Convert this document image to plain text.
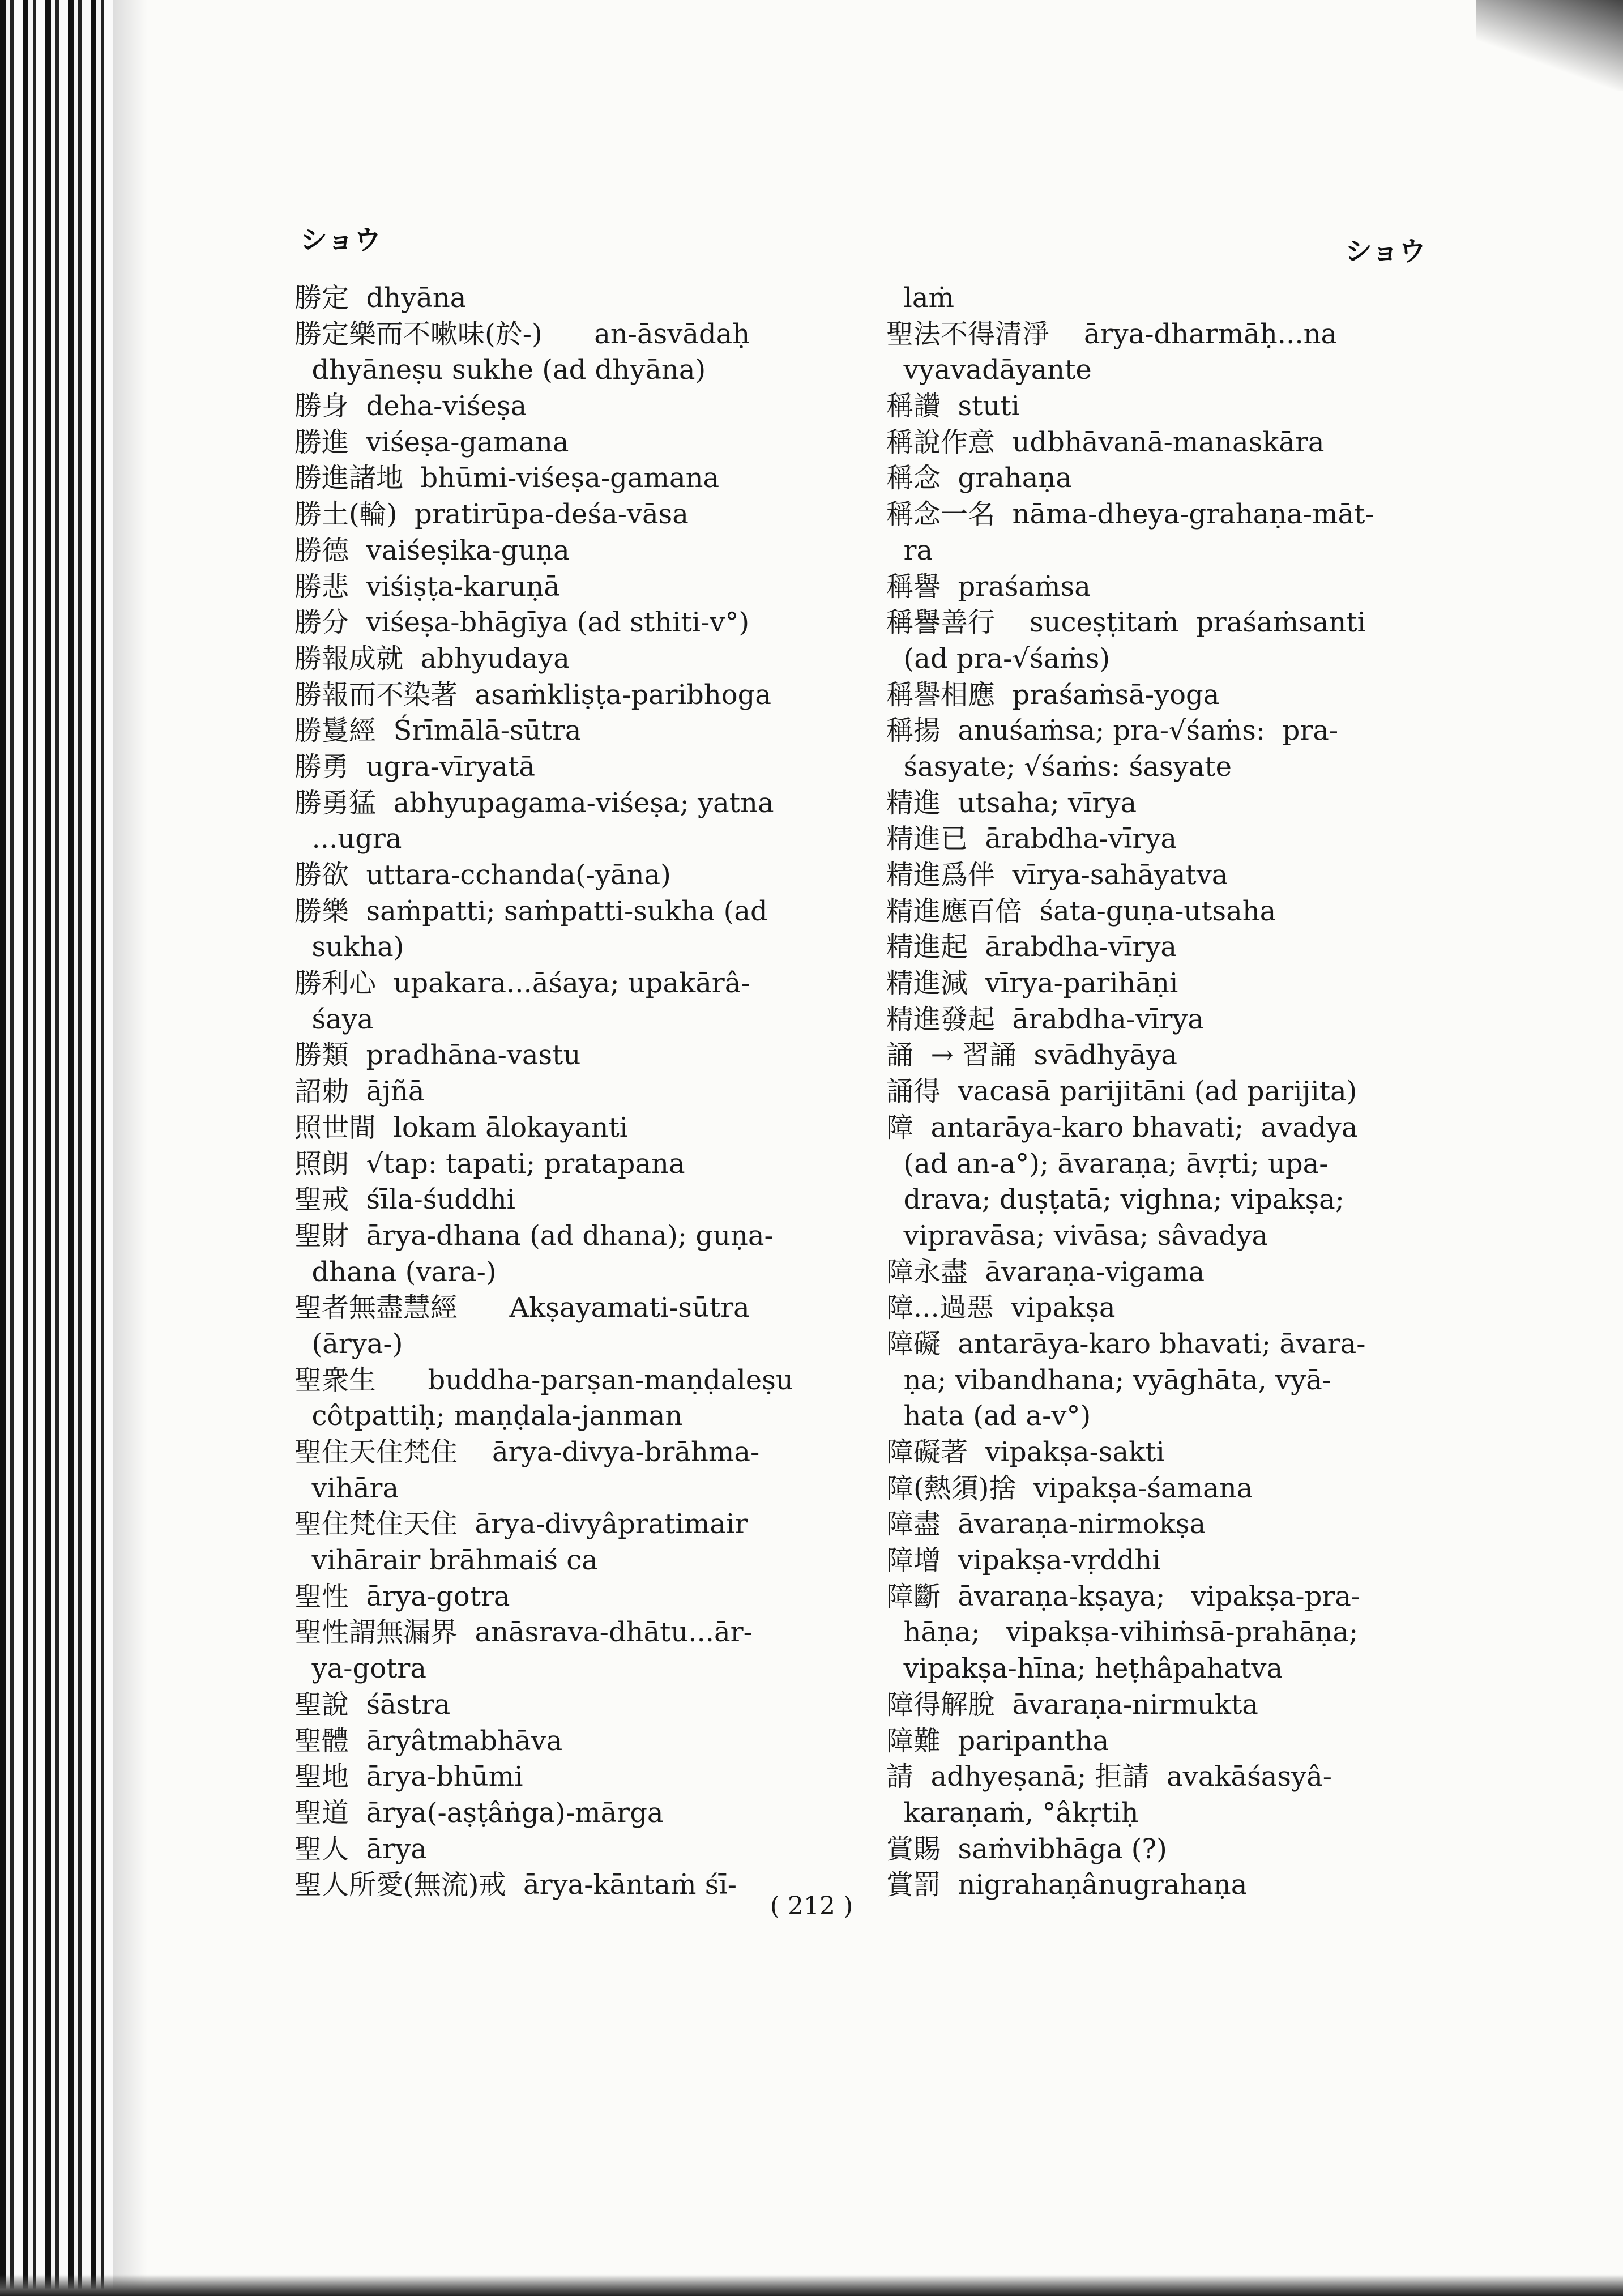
ショウ	ショウ
勝定  dhyāna
勝定樂而不嗽味(於-)      an-āsvādaḥ
dhyāneṣu sukhe (ad dhyāna)
勝身  deha-viśeṣa
勝進  viśeṣa-gamana
勝進諸地  bhūmi-viśeṣa-gamana
勝土(輪)  pratirūpa-deśa-vāsa
勝德  vaiśeṣika-guṇa
勝悲  viśiṣṭa-karuṇā
勝分  viśeṣa-bhāgīya (ad sthiti-v°)
勝報成就  abhyudaya
勝報而不染著  asaṁkliṣṭa-paribhoga
勝鬘經  Śrīmālā-sūtra
勝勇  ugra-vīryatā
勝勇猛  abhyupagama-viśeṣa; yatna
...ugra
勝欲  uttara-cchanda(-yāna)
勝樂  saṁpatti; saṁpatti-sukha (ad
sukha)
勝利心  upakara...āśaya; upakārâ-
śaya
勝類  pradhāna-vastu
詔勅  ājñā
照世間  lokam ālokayanti
照朗  √tap: tapati; pratapana
聖戒  śīla-śuddhi
聖財  ārya-dhana (ad dhana); guṇa-
dhana (vara-)
聖者無盡慧經      Akṣayamati-sūtra
(ārya-)
聖衆生      buddha-parṣan-maṇḍaleṣu
côtpattiḥ; maṇḍala-janman
聖住天住梵住    ārya-divya-brāhma-
vihāra
聖住梵住天住  ārya-divyâpratimair
vihārair brāhmaiś ca
聖性  ārya-gotra
聖性謂無漏界  anāsrava-dhātu...ār-
ya-gotra
聖說  śāstra
聖體  āryâtmabhāva
聖地  ārya-bhūmi
聖道  ārya(-aṣṭâṅga)-mārga
聖人  ārya
聖人所愛(無流)戒  ārya-kāntaṁ śī-
laṁ
聖法不得清淨    ārya-dharmāḥ...na
vyavadāyante
稱讚  stuti
稱說作意  udbhāvanā-manaskāra
稱念  grahaṇa
稱念一名  nāma-dheya-grahaṇa-māt-
ra
稱譽  praśaṁsa
稱譽善行    suceṣṭitaṁ  praśaṁsanti
(ad pra-√śaṁs)
稱譽相應  praśaṁsā-yoga
稱揚  anuśaṁsa; pra-√śaṁs:  pra-
śasyate; √śaṁs: śasyate
精進  utsaha; vīrya
精進已  ārabdha-vīrya
精進爲伴  vīrya-sahāyatva
精進應百倍  śata-guṇa-utsaha
精進起  ārabdha-vīrya
精進減  vīrya-parihāṇi
精進發起  ārabdha-vīrya
誦  → 習誦  svādhyāya
誦得  vacasā parijitāni (ad parijita)
障  antarāya-karo bhavati;  avadya
(ad an-a°); āvaraṇa; āvṛti; upa-
drava; duṣṭatā; vighna; vipakṣa;
vipravāsa; vivāsa; sâvadya
障永盡  āvaraṇa-vigama
障...過惡  vipakṣa
障礙  antarāya-karo bhavati; āvara-
ṇa; vibandhana; vyāghāta, vyā-
hata (ad a-v°)
障礙著  vipakṣa-sakti
障(熱須)捨  vipakṣa-śamana
障盡  āvaraṇa-nirmokṣa
障增  vipakṣa-vṛddhi
障斷  āvaraṇa-kṣaya;   vipakṣa-pra-
hāṇa;   vipakṣa-vihiṁsā-prahāṇa;
vipakṣa-hīna; heṭhâpahatva
障得解脫  āvaraṇa-nirmukta
障難  paripantha
請  adhyeṣanā; 拒請  avakāśasyâ-
karaṇaṁ, °âkṛtiḥ
賞賜  saṁvibhāga (?)
賞罰  nigrahaṇânugrahaṇa
( 212 )
